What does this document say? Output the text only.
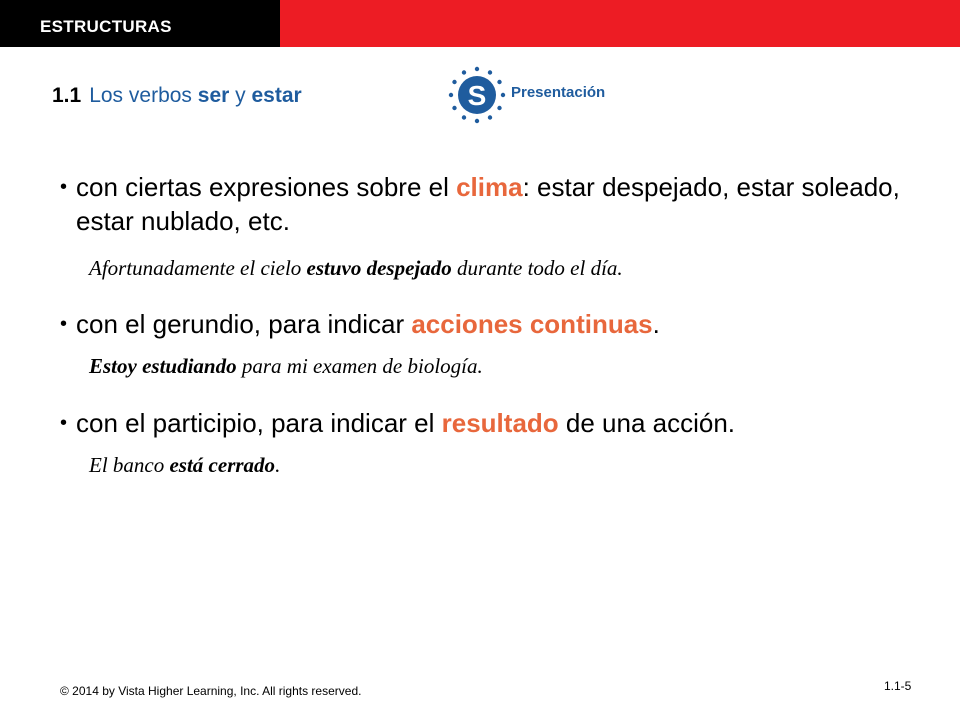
ESTRUCTURAS
1.1 Los verbos ser y estar	S Presentación
• con ciertas expresiones sobre el clima: estar despejado, estar soleado, estar nublado, etc.
Afortunadamente el cielo estuvo despejado durante todo el día.
• con el gerundio, para indicar acciones continuas.
Estoy estudiando para mi examen de biología.
• con el participio, para indicar el resultado de una acción.
El banco está cerrado.
© 2014 by Vista Higher Learning, Inc. All rights reserved.	1.1-5
